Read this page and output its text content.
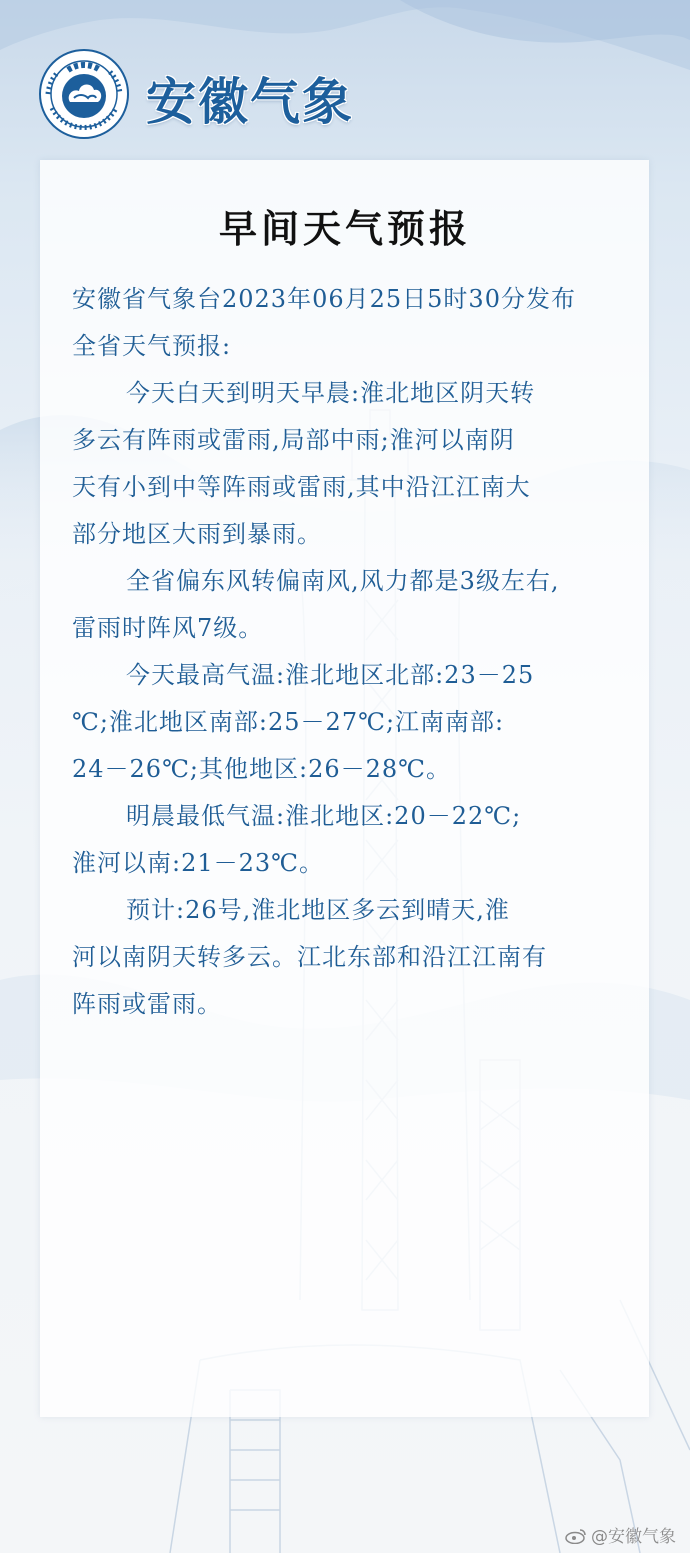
安徽气象
早间天气预报
安徽省气象台2023年06月25日5时30分发布
全省天气预报:
今天白天到明天早晨:淮北地区阴天转
多云有阵雨或雷雨,局部中雨;淮河以南阴
天有小到中等阵雨或雷雨,其中沿江江南大
部分地区大雨到暴雨。
全省偏东风转偏南风,风力都是3级左右,
雷雨时阵风7级。
今天最高气温:淮北地区北部:23－25
℃;淮北地区南部:25－27℃;江南南部:
24－26℃;其他地区:26－28℃。
明晨最低气温:淮北地区:20－22℃;
淮河以南:21－23℃。
预计:26号,淮北地区多云到晴天,淮
河以南阴天转多云。江北东部和沿江江南有
阵雨或雷雨。
@安徽气象
